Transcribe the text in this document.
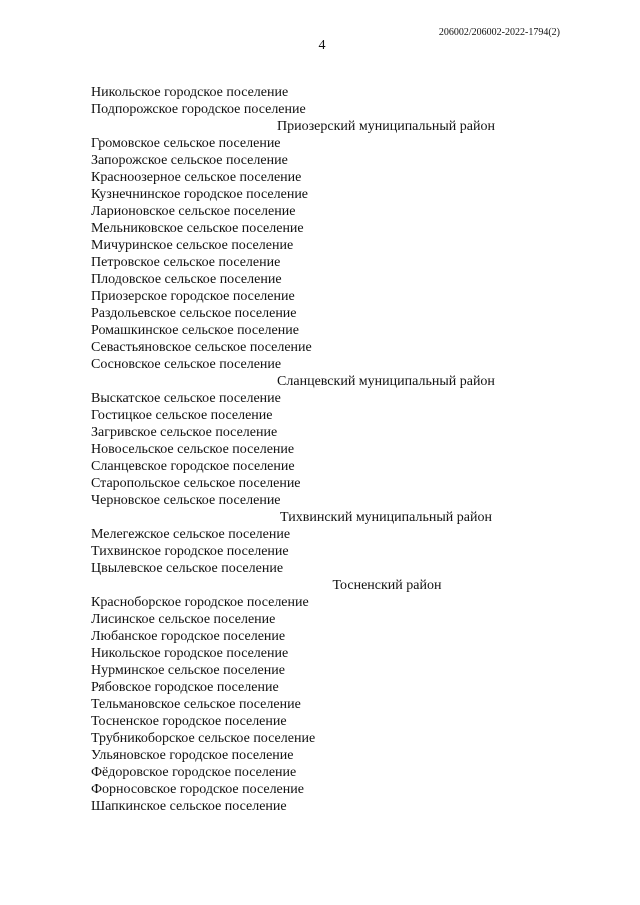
206002/206002-2022-1794(2)
4
Никольское городское поселение
Подпорожское городское поселение
Приозерский муниципальный район
Громовское сельское поселение
Запорожское сельское поселение
Красноозерное сельское поселение
Кузнечнинское городское поселение
Ларионовское сельское поселение
Мельниковское сельское поселение
Мичуринское сельское поселение
Петровское сельское поселение
Плодовское сельское поселение
Приозерское городское поселение
Раздольевское сельское поселение
Ромашкинское сельское поселение
Севастьяновское сельское поселение
Сосновское сельское поселение
Сланцевский муниципальный район
Выскатское сельское поселение
Гостицкое сельское поселение
Загривское сельское поселение
Новосельское сельское поселение
Сланцевское городское поселение
Старопольское сельское поселение
Черновское сельское поселение
Тихвинский муниципальный район
Мелегежское сельское поселение
Тихвинское городское поселение
Цвылевское сельское поселение
Тосненский район
Красноборское городское поселение
Лисинское сельское поселение
Любанское городское поселение
Никольское городское поселение
Нурминское сельское поселение
Рябовское городское поселение
Тельмановское сельское поселение
Тосненское городское поселение
Трубникоборское сельское поселение
Ульяновское городское поселение
Фёдоровское городское поселение
Форносовское городское поселение
Шапкинское сельское поселение
